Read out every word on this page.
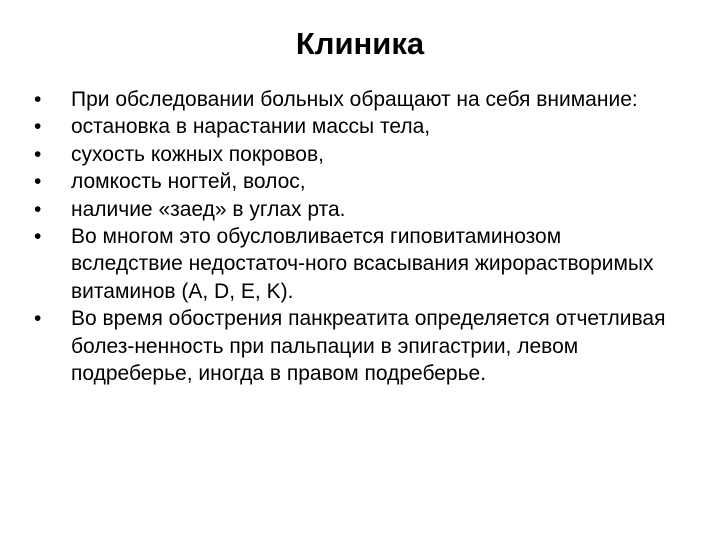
Клиника
•	При обследовании больных обращают на себя внимание:
•	остановка в нарастании массы тела,
•	сухость кожных покровов,
•	ломкость ногтей, волос,
•	наличие «заед» в углах рта.
•	Во многом это обусловливается гиповитаминозом вследствие недостаточ-ного всасывания жирорастворимых витаминов (A, D, E, K).
•	Во время обострения панкреатита определяется отчетливая болез-ненность при пальпации в эпигастрии, левом подреберье, иногда в правом подреберье.
